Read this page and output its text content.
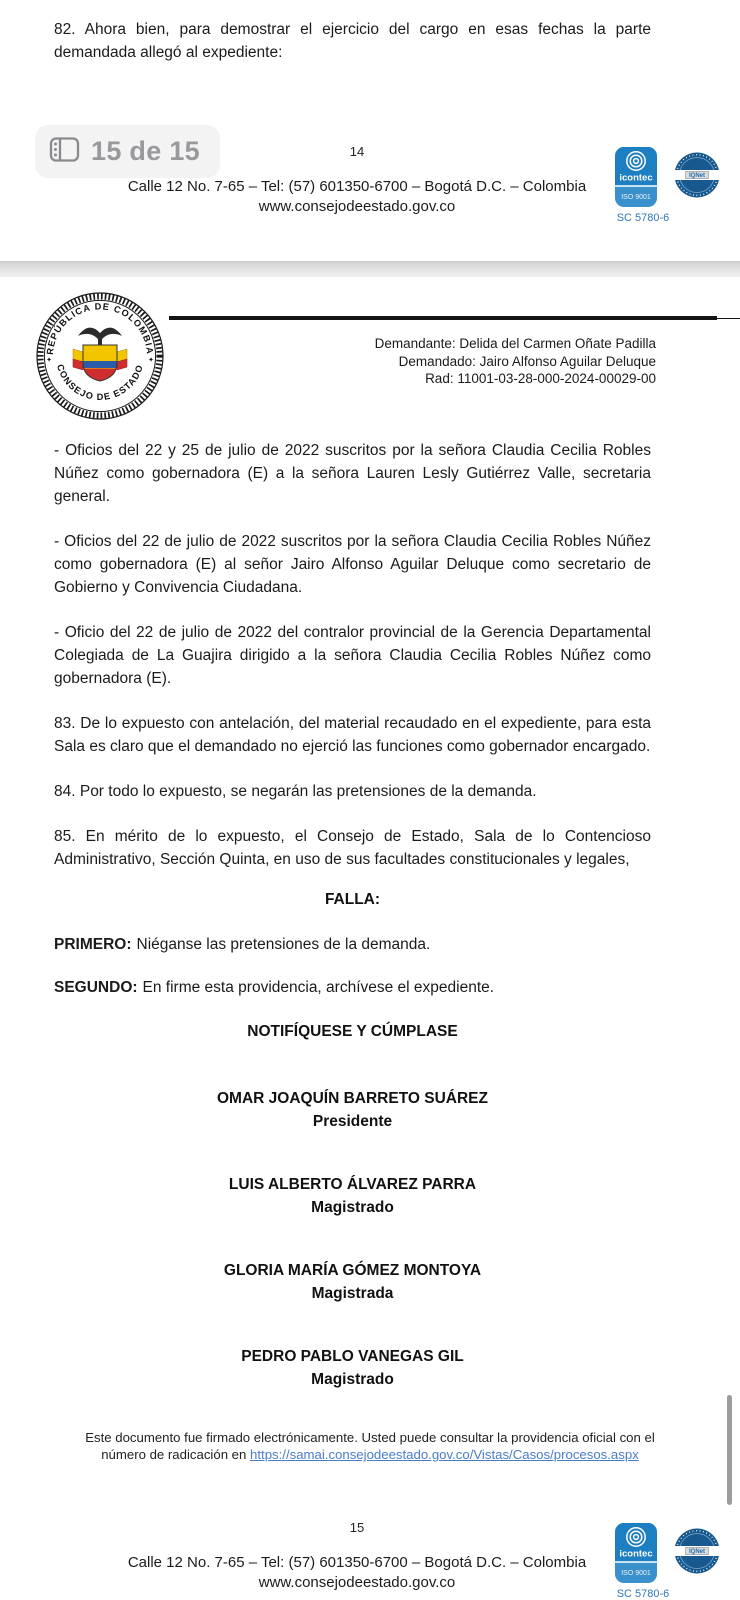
82. Ahora bien, para demostrar el ejercicio del cargo en esas fechas la parte demandada allegó al expediente:

15 de 15	14
Calle 12 No. 7-65 – Tel: (57) 601350-6700 – Bogotá D.C. – Colombia
www.consejodeestado.gov.co
icontec
ISO 9001
IQNet
SC 5780-6
REPÚBLICA DE COLOMBIA
CONSEJO DE ESTADO
✦	✦
Demandante: Delida del Carmen Oñate Padilla
Demandado: Jairo Alfonso Aguilar Deluque
Rad: 11001-03-28-000-2024-00029-00

- Oficios del 22 y 25 de julio de 2022 suscritos por la señora Claudia Cecilia Robles Núñez como gobernadora (E) a la señora Lauren Lesly Gutiérrez Valle, secretaria general.

- Oficios del 22 de julio de 2022 suscritos por la señora Claudia Cecilia Robles Núñez como gobernadora (E) al señor Jairo Alfonso Aguilar Deluque como secretario de Gobierno y Convivencia Ciudadana.

- Oficio del 22 de julio de 2022 del contralor provincial de la Gerencia Departamental Colegiada de La Guajira dirigido a la señora Claudia Cecilia Robles Núñez como gobernadora (E).

83. De lo expuesto con antelación, del material recaudado en el expediente, para esta Sala es claro que el demandado no ejerció las funciones como gobernador encargado.

84. Por todo lo expuesto, se negarán las pretensiones de la demanda.

85. En mérito de lo expuesto, el Consejo de Estado, Sala de lo Contencioso Administrativo, Sección Quinta, en uso de sus facultades constitucionales y legales,

FALLA:

PRIMERO: Niéganse las pretensiones de la demanda.

SEGUNDO: En firme esta providencia, archívese el expediente.

NOTIFÍQUESE Y CÚMPLASE
OMAR JOAQUÍN BARRETO SUÁREZ
Presidente
LUIS ALBERTO ÁLVAREZ PARRA
Magistrado
GLORIA MARÍA GÓMEZ MONTOYA
Magistrada
PEDRO PABLO VANEGAS GIL
Magistrado

Este documento fue firmado electrónicamente. Usted puede consultar la providencia oficial con el número de radicación en https://samai.consejodeestado.gov.co/Vistas/Casos/procesos.aspx

15
Calle 12 No. 7-65 – Tel: (57) 601350-6700 – Bogotá D.C. – Colombia
www.consejodeestado.gov.co
icontec
ISO 9001
IQNet
SC 5780-6
